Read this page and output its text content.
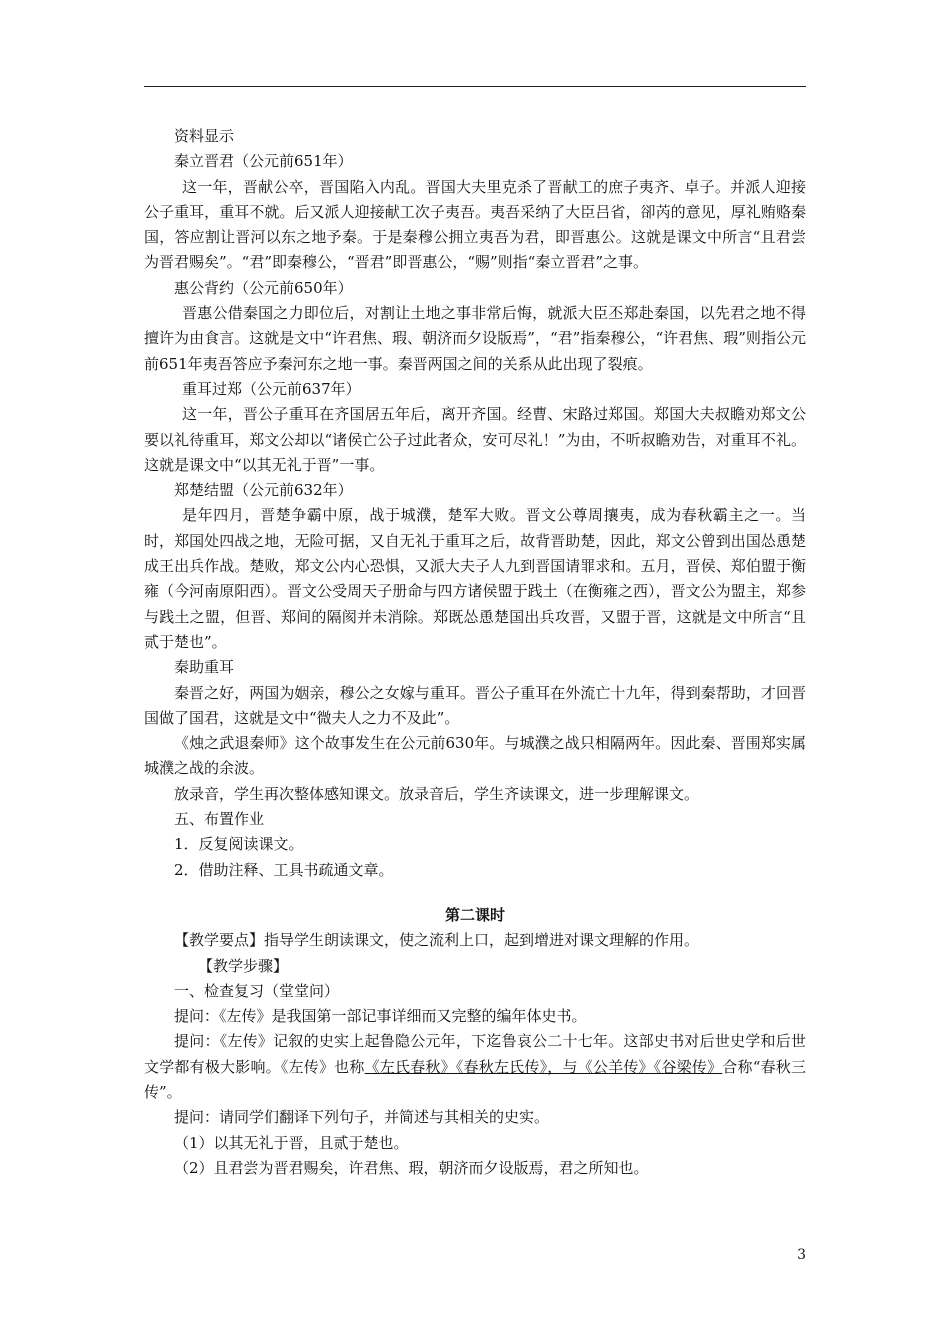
资料显示

秦立晋君（公元前651年）

这一年，晋献公卒，晋国陷入内乱。晋国大夫里克杀了晋献工的庶子夷齐、卓子。并派人迎接公子重耳，重耳不就。后又派人迎接献工次子夷吾。夷吾采纳了大臣吕省，卻芮的意见，厚礼贿赂秦国，答应割让晋河以东之地予秦。于是秦穆公拥立夷吾为君，即晋惠公。这就是课文中所言“且君尝为晋君赐矣”。“君”即秦穆公，“晋君”即晋惠公，“赐”则指“秦立晋君”之事。

惠公背约（公元前650年）

晋惠公借秦国之力即位后，对割让土地之事非常后悔，就派大臣丕郑赴秦国，以先君之地不得擅许为由食言。这就是文中“许君焦、瑕、朝济而夕设版焉”，“君”指秦穆公，“许君焦、瑕”则指公元前651年夷吾答应予秦河东之地一事。秦晋两国之间的关系从此出现了裂痕。

重耳过郑（公元前637年）

这一年，晋公子重耳在齐国居五年后，离开齐国。经曹、宋路过郑国。郑国大夫叔瞻劝郑文公要以礼待重耳，郑文公却以“诸侯亡公子过此者众，安可尽礼！”为由，不听叔瞻劝告，对重耳不礼。这就是课文中“以其无礼于晋”一事。

郑楚结盟（公元前632年）

是年四月，晋楚争霸中原，战于城濮，楚军大败。晋文公尊周攘夷，成为春秋霸主之一。当时，郑国处四战之地，无险可据，又自无礼于重耳之后，故背晋助楚，因此，郑文公曾到出国怂恿楚成王出兵作战。楚败，郑文公内心恐惧，又派大夫子人九到晋国请罪求和。五月，晋侯、郑伯盟于衡雍（今河南原阳西）。晋文公受周天子册命与四方诸侯盟于践土（在衡雍之西），晋文公为盟主，郑参与践土之盟，但晋、郑间的隔阂并未消除。郑既怂恿楚国出兵攻晋，又盟于晋，这就是文中所言“且贰于楚也”。

秦助重耳

秦晋之好，两国为姻亲，穆公之女嫁与重耳。晋公子重耳在外流亡十九年，得到秦帮助，才回晋国做了国君，这就是文中“微夫人之力不及此”。

《烛之武退秦师》这个故事发生在公元前630年。与城濮之战只相隔两年。因此秦、晋围郑实属城濮之战的余波。

放录音，学生再次整体感知课文。放录音后，学生齐读课文，进一步理解课文。

五、布置作业

1．反复阅读课文。

2．借助注释、工具书疏通文章。

第二课时

【教学要点】指导学生朗读课文，使之流利上口，起到增进对课文理解的作用。

【教学步骤】

一、检查复习（堂堂问）

提问：《左传》是我国第一部记事详细而又完整的编年体史书。

提问：《左传》记叙的史实上起鲁隐公元年，下迄鲁哀公二十七年。这部史书对后世史学和后世文学都有极大影响。《左传》也称《左氏春秋》《春秋左氏传》，与《公羊传》《谷梁传》合称“春秋三传”。

提问：请同学们翻译下列句子，并简述与其相关的史实。

（1）以其无礼于晋，且贰于楚也。

（2）且君尝为晋君赐矣，许君焦、瑕，朝济而夕设版焉，君之所知也。

3
